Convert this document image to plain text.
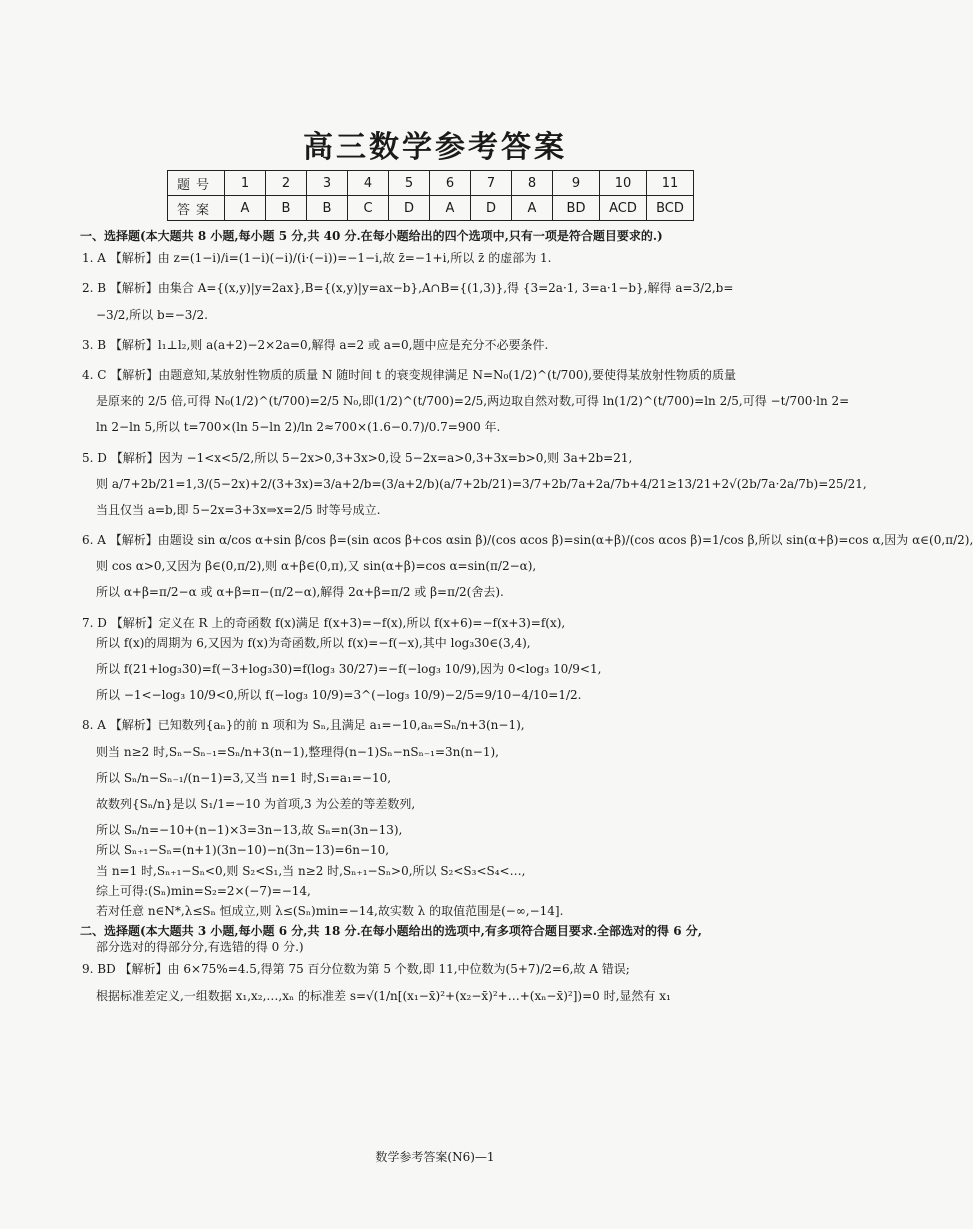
高三数学参考答案
题号	1	2	3	4	5	6	7	8	9	10	11
答案	A	B	B	C	D	A	D	A	BD	ACD	BCD
一、选择题(本大题共 8 小题,每小题 5 分,共 40 分.在每小题给出的四个选项中,只有一项是符合题目要求的.)
1. A 【解析】由 z=(1−i)/i=(1−i)(−i)/(i·(−i))=−1−i,故 z̄=−1+i,所以 z̄ 的虚部为 1.
2. B 【解析】由集合 A={(x,y)|y=2ax},B={(x,y)|y=ax−b},A∩B={(1,3)},得 {3=2a·1, 3=a·1−b},解得 a=3/2,b=
−3/2,所以 b=−3/2.
3. B 【解析】l₁⊥l₂,则 a(a+2)−2×2a=0,解得 a=2 或 a=0,题中应是充分不必要条件.
4. C 【解析】由题意知,某放射性物质的质量 N 随时间 t 的衰变规律满足 N=N₀(1/2)^(t/700),要使得某放射性物质的质量
是原来的 2/5 倍,可得 N₀(1/2)^(t/700)=2/5 N₀,即(1/2)^(t/700)=2/5,两边取自然对数,可得 ln(1/2)^(t/700)=ln 2/5,可得 −t/700·ln 2=
ln 2−ln 5,所以 t=700×(ln 5−ln 2)/ln 2≈700×(1.6−0.7)/0.7=900 年.
5. D 【解析】因为 −1<x<5/2,所以 5−2x>0,3+3x>0,设 5−2x=a>0,3+3x=b>0,则 3a+2b=21,
则 a/7+2b/21=1,3/(5−2x)+2/(3+3x)=3/a+2/b=(3/a+2/b)(a/7+2b/21)=3/7+2b/7a+2a/7b+4/21≥13/21+2√(2b/7a·2a/7b)=25/21,
当且仅当 a=b,即 5−2x=3+3x⇒x=2/5 时等号成立.
6. A 【解析】由题设 sin α/cos α+sin β/cos β=(sin αcos β+cos αsin β)/(cos αcos β)=sin(α+β)/(cos αcos β)=1/cos β,所以 sin(α+β)=cos α,因为 α∈(0,π/2),
则 cos α>0,又因为 β∈(0,π/2),则 α+β∈(0,π),又 sin(α+β)=cos α=sin(π/2−α),
所以 α+β=π/2−α 或 α+β=π−(π/2−α),解得 2α+β=π/2 或 β=π/2(舍去).
7. D 【解析】定义在 R 上的奇函数 f(x)满足 f(x+3)=−f(x),所以 f(x+6)=−f(x+3)=f(x),
所以 f(x)的周期为 6,又因为 f(x)为奇函数,所以 f(x)=−f(−x),其中 log₃30∈(3,4),
所以 f(21+log₃30)=f(−3+log₃30)=f(log₃ 30/27)=−f(−log₃ 10/9),因为 0<log₃ 10/9<1,
所以 −1<−log₃ 10/9<0,所以 f(−log₃ 10/9)=3^(−log₃ 10/9)−2/5=9/10−4/10=1/2.
8. A 【解析】已知数列{aₙ}的前 n 项和为 Sₙ,且满足 a₁=−10,aₙ=Sₙ/n+3(n−1),
则当 n≥2 时,Sₙ−Sₙ₋₁=Sₙ/n+3(n−1),整理得(n−1)Sₙ−nSₙ₋₁=3n(n−1),
所以 Sₙ/n−Sₙ₋₁/(n−1)=3,又当 n=1 时,S₁=a₁=−10,
故数列{Sₙ/n}是以 S₁/1=−10 为首项,3 为公差的等差数列,
所以 Sₙ/n=−10+(n−1)×3=3n−13,故 Sₙ=n(3n−13),
所以 Sₙ₊₁−Sₙ=(n+1)(3n−10)−n(3n−13)=6n−10,
当 n=1 时,Sₙ₊₁−Sₙ<0,则 S₂<S₁,当 n≥2 时,Sₙ₊₁−Sₙ>0,所以 S₂<S₃<S₄<…,
综上可得:(Sₙ)min=S₂=2×(−7)=−14,
若对任意 n∈N*,λ≤Sₙ 恒成立,则 λ≤(Sₙ)min=−14,故实数 λ 的取值范围是(−∞,−14].
二、选择题(本大题共 3 小题,每小题 6 分,共 18 分.在每小题给出的选项中,有多项符合题目要求.全部选对的得 6 分,
部分选对的得部分分,有选错的得 0 分.)
9. BD 【解析】由 6×75%=4.5,得第 75 百分位数为第 5 个数,即 11,中位数为(5+7)/2=6,故 A 错误;
根据标准差定义,一组数据 x₁,x₂,…,xₙ 的标准差 s=√(1/n[(x₁−x̄)²+(x₂−x̄)²+…+(xₙ−x̄)²])=0 时,显然有 x₁
数学参考答案(N6)—1
